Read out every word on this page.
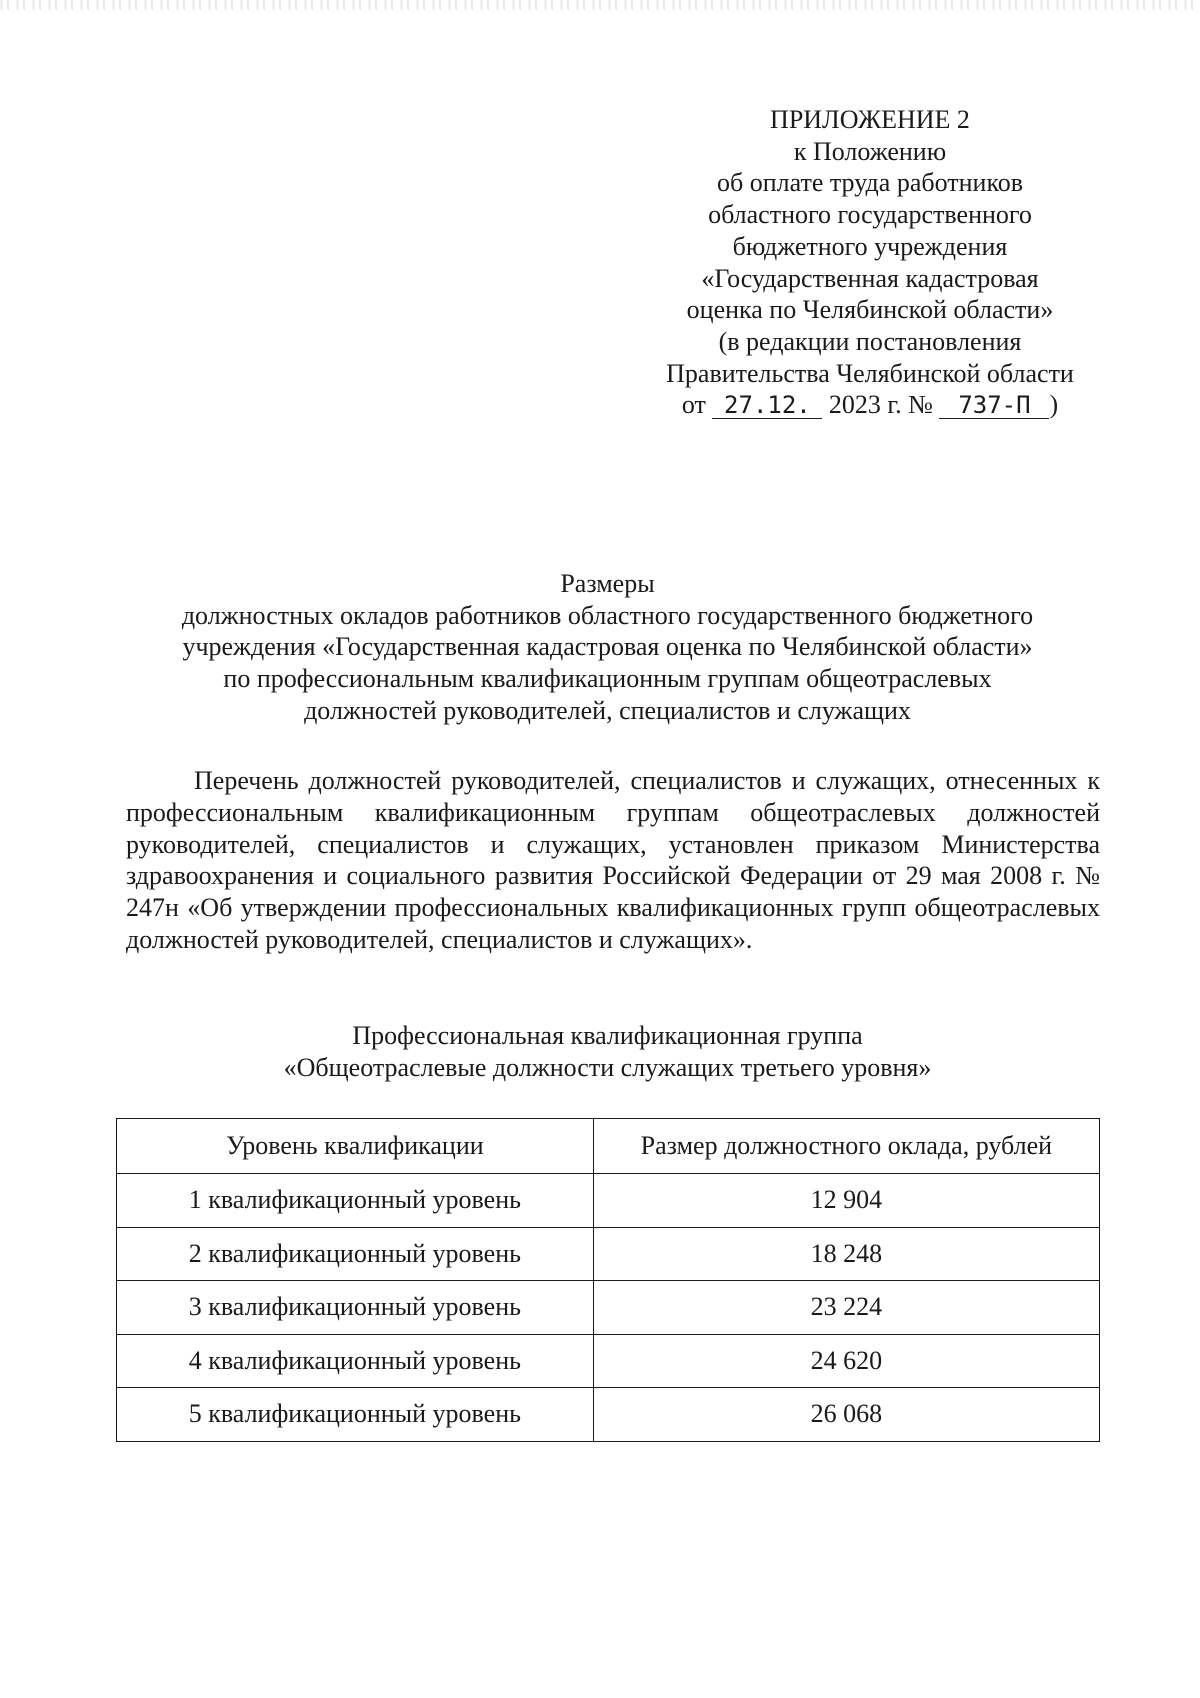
ПРИЛОЖЕНИЕ 2
к Положению
об оплате труда работников
областного государственного
бюджетного учреждения
«Государственная кадастровая
оценка по Челябинской области»
(в редакции постановления
Правительства Челябинской области
от 27.12. 2023 г. № 737-П )
Размеры
должностных окладов работников областного государственного бюджетного
учреждения «Государственная кадастровая оценка по Челябинской области»
по профессиональным квалификационным группам общеотраслевых
должностей руководителей, специалистов и служащих

Перечень должностей руководителей, специалистов и служащих, отнесенных к профессиональным квалификационным группам общеотраслевых должностей руководителей, специалистов и служащих, установлен приказом Министерства здравоохранения и социального развития Российской Федерации от 29 мая 2008 г. № 247н «Об утверждении профессиональных квалификационных групп общеотраслевых должностей руководителей, специалистов и служащих».

Профессиональная квалификационная группа
«Общеотраслевые должности служащих третьего уровня»
Уровень квалификации	Размер должностного оклада, рублей
1 квалификационный уровень	12 904
2 квалификационный уровень	18 248
3 квалификационный уровень	23 224
4 квалификационный уровень	24 620
5 квалификационный уровень	26 068
